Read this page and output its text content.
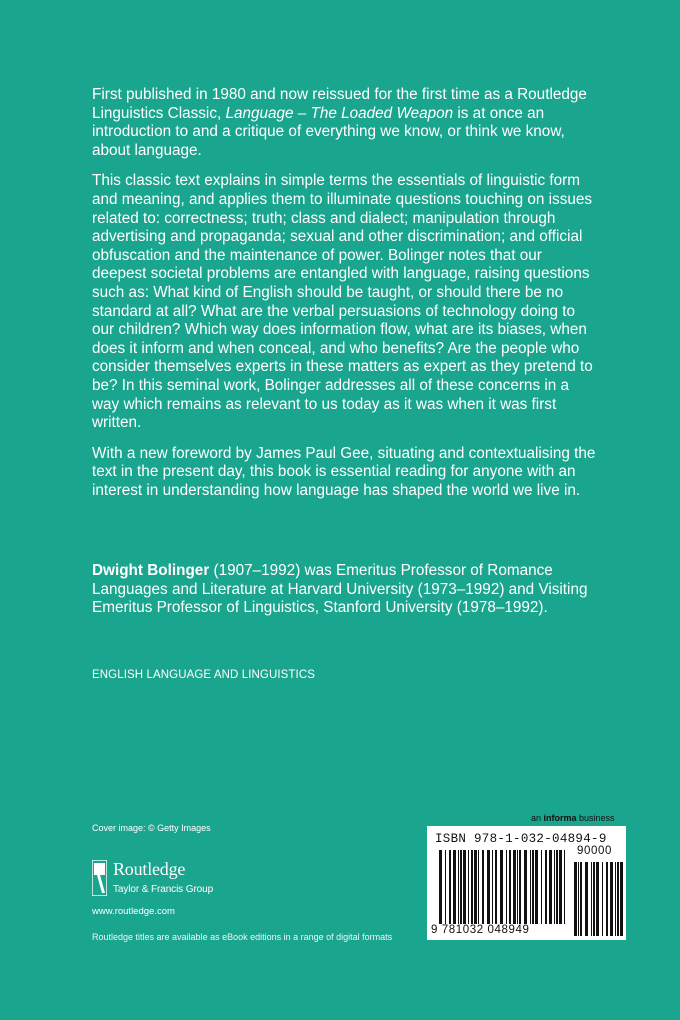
First published in 1980 and now reissued for the first time as a Routledge Linguistics Classic, Language – The Loaded Weapon is at once an introduction to and a critique of everything we know, or think we know, about language.

This classic text explains in simple terms the essentials of linguistic form and meaning, and applies them to illuminate questions touching on issues related to: correctness; truth; class and dialect; manipulation through advertising and propaganda; sexual and other discrimination; and official obfuscation and the maintenance of power. Bolinger notes that our deepest societal problems are entangled with language, raising questions such as: What kind of English should be taught, or should there be no standard at all? What are the verbal persuasions of technology doing to our children? Which way does information flow, what are its biases, when does it inform and when conceal, and who benefits? Are the people who consider themselves experts in these matters as expert as they pretend to be? In this seminal work, Bolinger addresses all of these concerns in a way which remains as relevant to us today as it was when it was first written.

With a new foreword by James Paul Gee, situating and contextualising the text in the present day, this book is essential reading for anyone with an interest in understanding how language has shaped the world we live in.

Dwight Bolinger (1907–1992) was Emeritus Professor of Romance Languages and Literature at Harvard University (1973–1992) and Visiting Emeritus Professor of Linguistics, Stanford University (1978–1992).
ENGLISH LANGUAGE AND LINGUISTICS
Cover image: © Getty Images
Routledge
Taylor & Francis Group
www.routledge.com
Routledge titles are available as eBook editions in a range of digital formats
an informa business
ISBN 978-1-032-04894-9
90000
9 781032 048949
